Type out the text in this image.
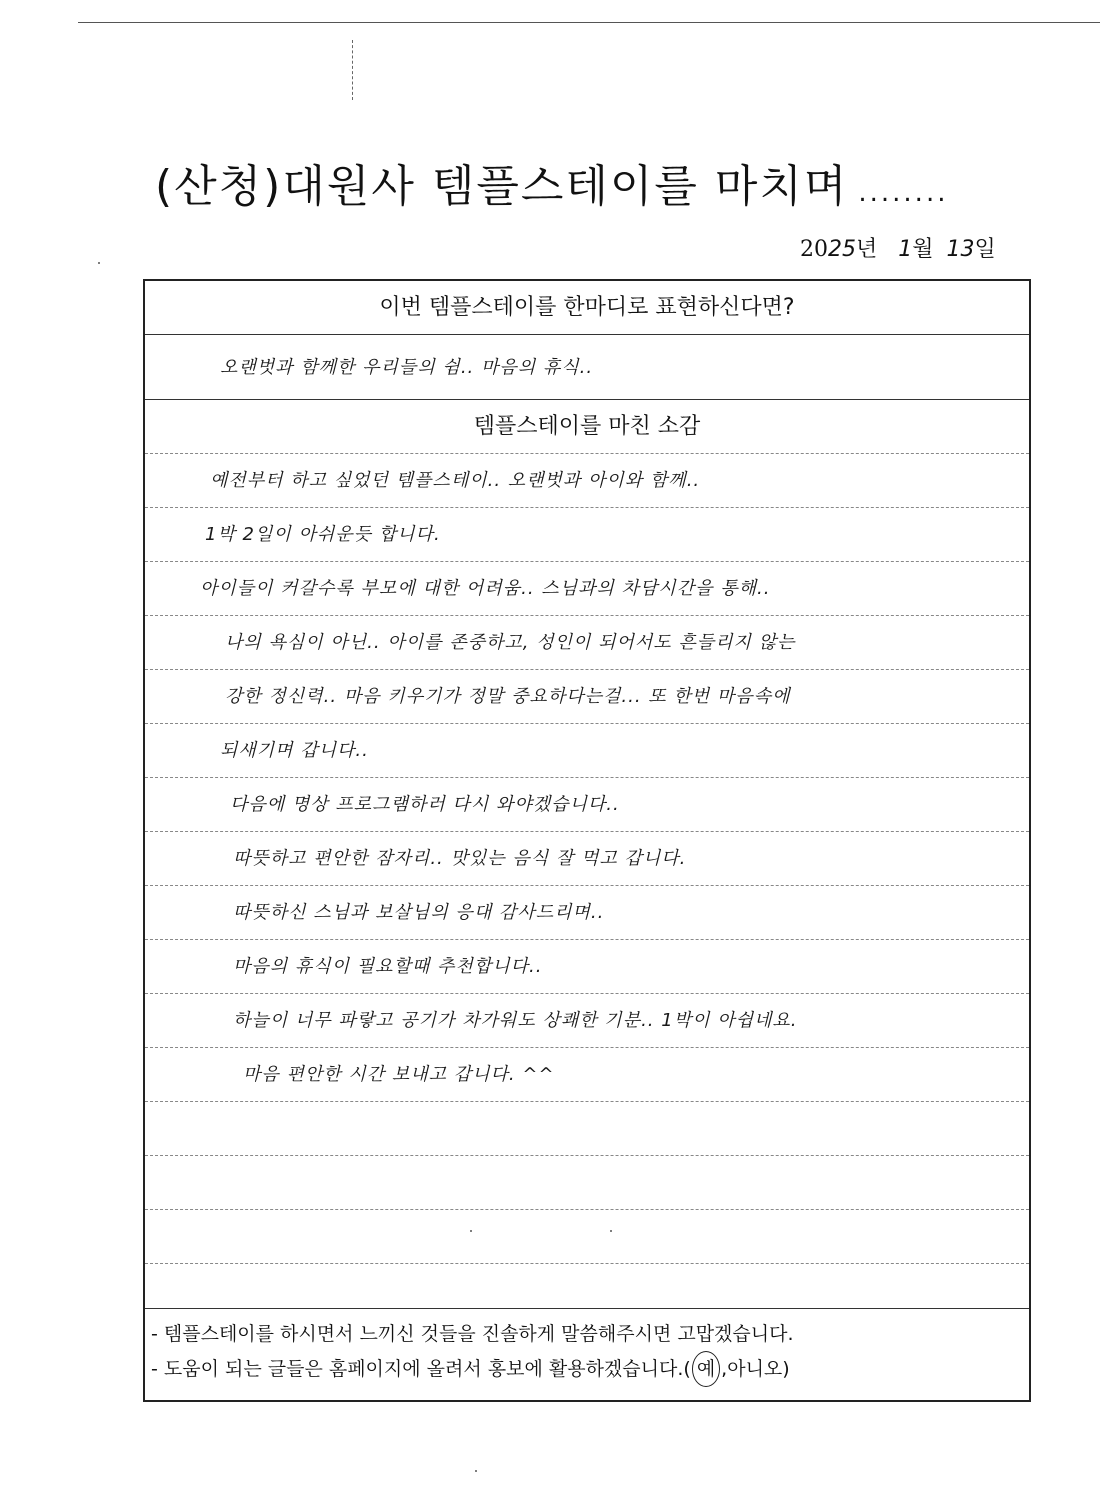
(산청)대원사 템플스테이를 마치며 ........
2025년 1월 13일
이번 템플스테이를 한마디로 표현하신다면?
오랜벗과 함께한 우리들의 쉼.. 마음의 휴식..
템플스테이를 마친 소감
예전부터 하고 싶었던 템플스테이.. 오랜벗과 아이와 함께..
1박 2일이 아쉬운듯 합니다.
아이들이 커갈수록 부모에 대한 어려움.. 스님과의 차담시간을 통해..
나의 욕심이 아닌.. 아이를 존중하고, 성인이 되어서도 흔들리지 않는
강한 정신력.. 마음 키우기가 정말 중요하다는걸... 또 한번 마음속에
되새기며 갑니다..
다음에 명상 프로그램하러 다시 와야겠습니다..
따뜻하고 편안한 잠자리.. 맛있는 음식 잘 먹고 갑니다.
따뜻하신 스님과 보살님의 응대 감사드리며..
마음의 휴식이 필요할때 추천합니다..
하늘이 너무 파랗고 공기가 차가워도 상쾌한 기분.. 1박이 아쉽네요.
마음 편안한 시간 보내고 갑니다. ^^
- 템플스테이를 하시면서 느끼신 것들을 진솔하게 말씀해주시면 고맙겠습니다.
- 도움이 되는 글들은 홈페이지에 올려서 홍보에 활용하겠습니다.( 예 ,아니오)
